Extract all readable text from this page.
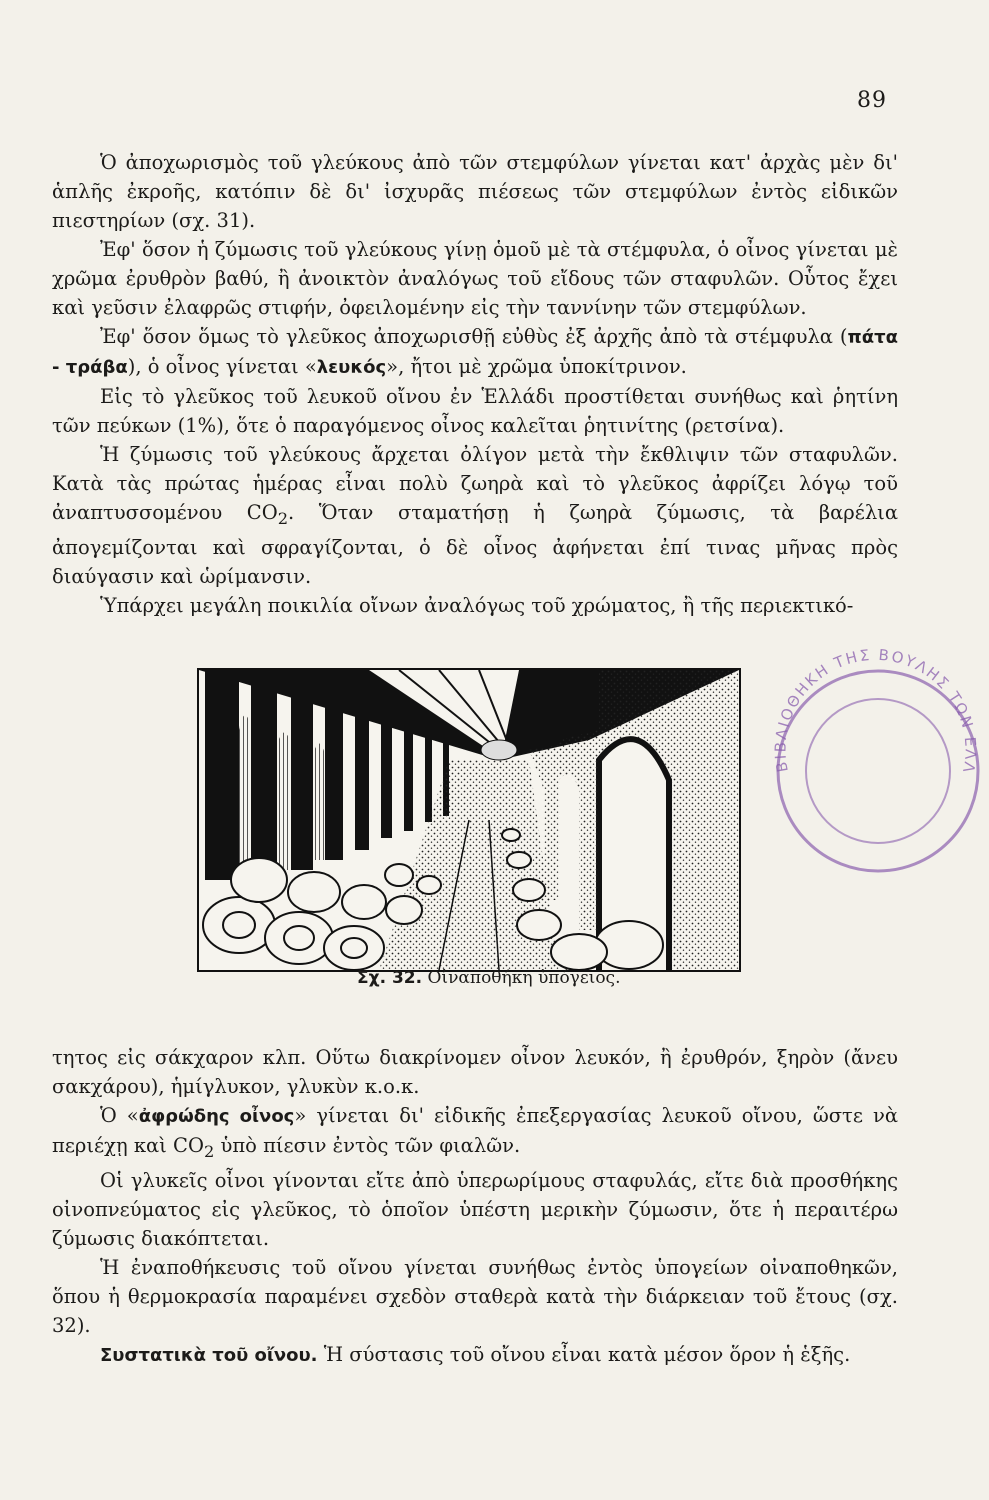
89

Ὁ ἀποχωρισμὸς τοῦ γλεύκους ἀπὸ τῶν στεμφύλων γίνεται κατ' ἀρχὰς μὲν δι' ἁπλῆς ἐκροῆς, κατόπιν δὲ δι' ἰσχυρᾶς πιέσεως τῶν στεμφύλων ἐντὸς εἰδικῶν πιεστηρίων (σχ. 31).

Ἐφ' ὅσον ἡ ζύμωσις τοῦ γλεύκους γίνῃ ὁμοῦ μὲ τὰ στέμφυλα, ὁ οἶνος γίνεται μὲ χρῶμα ἐρυθρὸν βαθύ, ἢ ἀνοικτὸν ἀναλόγως τοῦ εἴδους τῶν σταφυλῶν. Οὗτος ἔχει καὶ γεῦσιν ἐλαφρῶς στιφήν, ὀφειλομένην εἰς τὴν ταννίνην τῶν στεμφύλων.

Ἐφ' ὅσον ὅμως τὸ γλεῦκος ἀποχωρισθῇ εὐθὺς ἐξ ἀρχῆς ἀπὸ τὰ στέμφυλα (πάτα - τράβα), ὁ οἶνος γίνεται «λευκός», ἤτοι μὲ χρῶμα ὑποκίτρινον.

Εἰς τὸ γλεῦκος τοῦ λευκοῦ οἴνου ἐν Ἑλλάδι προστίθεται συνήθως καὶ ῥητίνη τῶν πεύκων (1%), ὅτε ὁ παραγόμενος οἶνος καλεῖται ῥητινίτης (ρετσίνα).

Ἡ ζύμωσις τοῦ γλεύκους ἄρχεται ὀλίγον μετὰ τὴν ἔκθλιψιν τῶν σταφυλῶν. Κατὰ τὰς πρώτας ἡμέρας εἶναι πολὺ ζωηρὰ καὶ τὸ γλεῦκος ἀφρίζει λόγῳ τοῦ ἀναπτυσσομένου $CO_2$. Ὅταν σταματήσῃ ἡ ζωηρὰ ζύμωσις, τὰ βαρέλια ἀπογεμίζονται καὶ σφραγίζονται, ὁ δὲ οἶνος ἀφήνεται ἐπί τινας μῆνας πρὸς διαύγασιν καὶ ὡρίμανσιν.

Ὑπάρχει μεγάλη ποικιλία οἴνων ἀναλόγως τοῦ χρώματος, ἢ τῆς περιεκτικό-

Σχ. 32. Οἰναποθήκη ὑπόγειος.
ΒΙΒΛΙΟΘΗΚΗ ΤΗΣ ΒΟΥΛΗΣ ΤΩΝ ΕΛΛ

τητος εἰς σάκχαρον κλπ. Οὕτω διακρίνομεν οἶνον λευκόν, ἢ ἐρυθρόν, ξηρὸν (ἄνευ σακχάρου), ἡμίγλυκον, γλυκὺν κ.ο.κ.

Ὁ «ἀφρώδης οἶνος» γίνεται δι' εἰδικῆς ἐπεξεργασίας λευκοῦ οἴνου, ὥστε νὰ περιέχῃ καὶ $CO_2$ ὑπὸ πίεσιν ἐντὸς τῶν φιαλῶν.

Οἱ γλυκεῖς οἶνοι γίνονται εἴτε ἀπὸ ὑπερωρίμους σταφυλάς, εἴτε διὰ προσθήκης οἰνοπνεύματος εἰς γλεῦκος, τὸ ὁποῖον ὑπέστη μερικὴν ζύμωσιν, ὅτε ἡ περαιτέρω ζύμωσις διακόπτεται.

Ἡ ἐναποθήκευσις τοῦ οἴνου γίνεται συνήθως ἐντὸς ὑπογείων οἰναποθηκῶν, ὅπου ἡ θερμοκρασία παραμένει σχεδὸν σταθερὰ κατὰ τὴν διάρκειαν τοῦ ἔτους (σχ. 32).

Συστατικὰ τοῦ οἴνου. Ἡ σύστασις τοῦ οἴνου εἶναι κατὰ μέσον ὅρον ἡ ἑξῆς.
